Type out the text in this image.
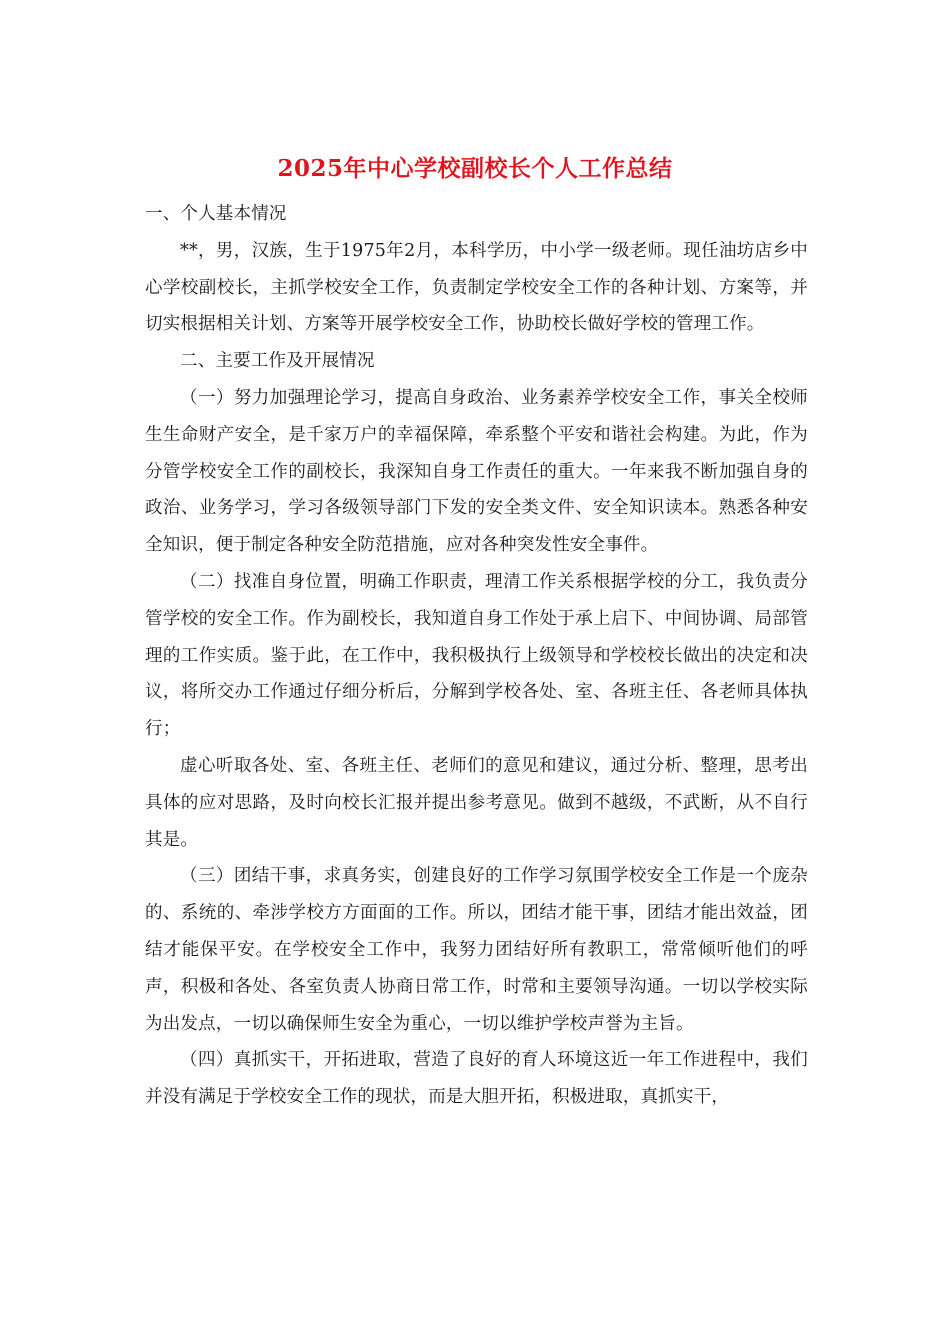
2025年中心学校副校长个人工作总结

一、个人基本情况

**，男，汉族，生于1975年2月，本科学历，中小学一级老师。现任油坊店乡中心学校副校长，主抓学校安全工作，负责制定学校安全工作的各种计划、方案等，并切实根据相关计划、方案等开展学校安全工作，协助校长做好学校的管理工作。

二、主要工作及开展情况

（一）努力加强理论学习，提高自身政治、业务素养学校安全工作，事关全校师生生命财产安全，是千家万户的幸福保障，牵系整个平安和谐社会构建。为此，作为分管学校安全工作的副校长，我深知自身工作责任的重大。一年来我不断加强自身的政治、业务学习，学习各级领导部门下发的安全类文件、安全知识读本。熟悉各种安全知识，便于制定各种安全防范措施，应对各种突发性安全事件。

（二）找准自身位置，明确工作职责，理清工作关系根据学校的分工，我负责分管学校的安全工作。作为副校长，我知道自身工作处于承上启下、中间协调、局部管理的工作实质。鉴于此，在工作中，我积极执行上级领导和学校校长做出的决定和决议，将所交办工作通过仔细分析后，分解到学校各处、室、各班主任、各老师具体执行；

虚心听取各处、室、各班主任、老师们的意见和建议，通过分析、整理，思考出具体的应对思路，及时向校长汇报并提出参考意见。做到不越级，不武断，从不自行其是。

（三）团结干事，求真务实，创建良好的工作学习氛围学校安全工作是一个庞杂的、系统的、牵涉学校方方面面的工作。所以，团结才能干事，团结才能出效益，团结才能保平安。在学校安全工作中，我努力团结好所有教职工，常常倾听他们的呼声，积极和各处、各室负责人协商日常工作，时常和主要领导沟通。一切以学校实际为出发点，一切以确保师生安全为重心，一切以维护学校声誉为主旨。

（四）真抓实干，开拓进取，营造了良好的育人环境这近一年工作进程中，我们并没有满足于学校安全工作的现状，而是大胆开拓，积极进取，真抓实干，
